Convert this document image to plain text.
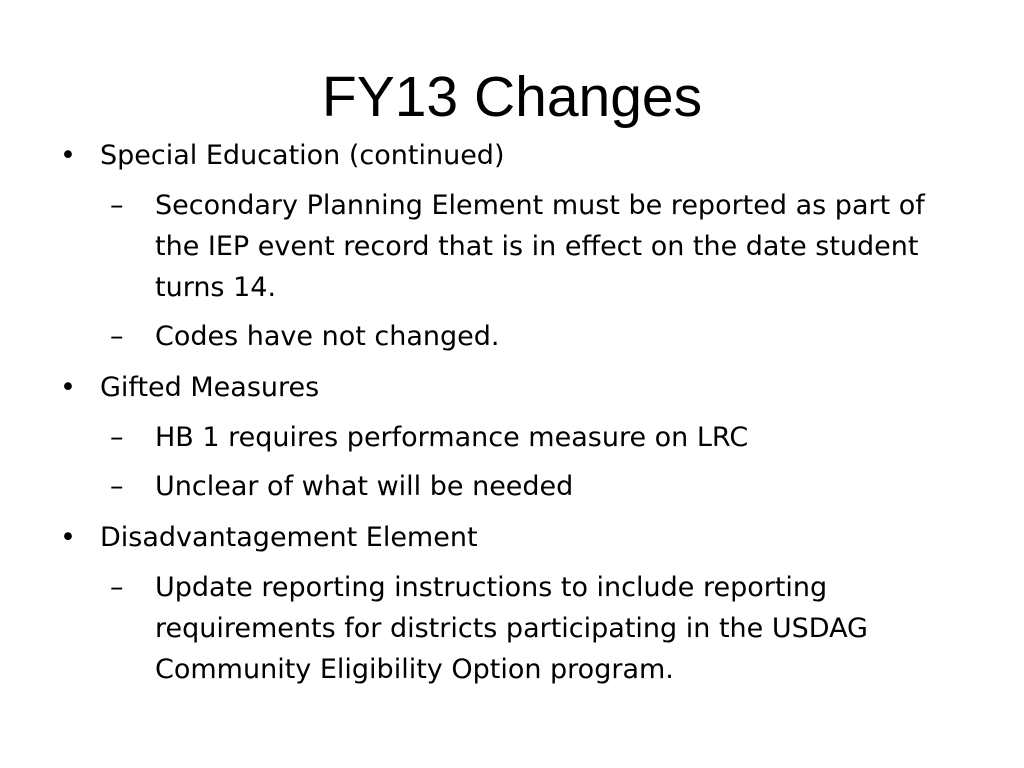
FY13 Changes
• Special Education (continued)
– Secondary Planning Element must be reported as part of the IEP event record that is in effect on the date student turns 14.
– Codes have not changed.
• Gifted Measures
– HB 1 requires performance measure on LRC
– Unclear of what will be needed
• Disadvantagement Element
– Update reporting instructions to include reporting requirements for districts participating in the USDAG Community Eligibility Option program.
